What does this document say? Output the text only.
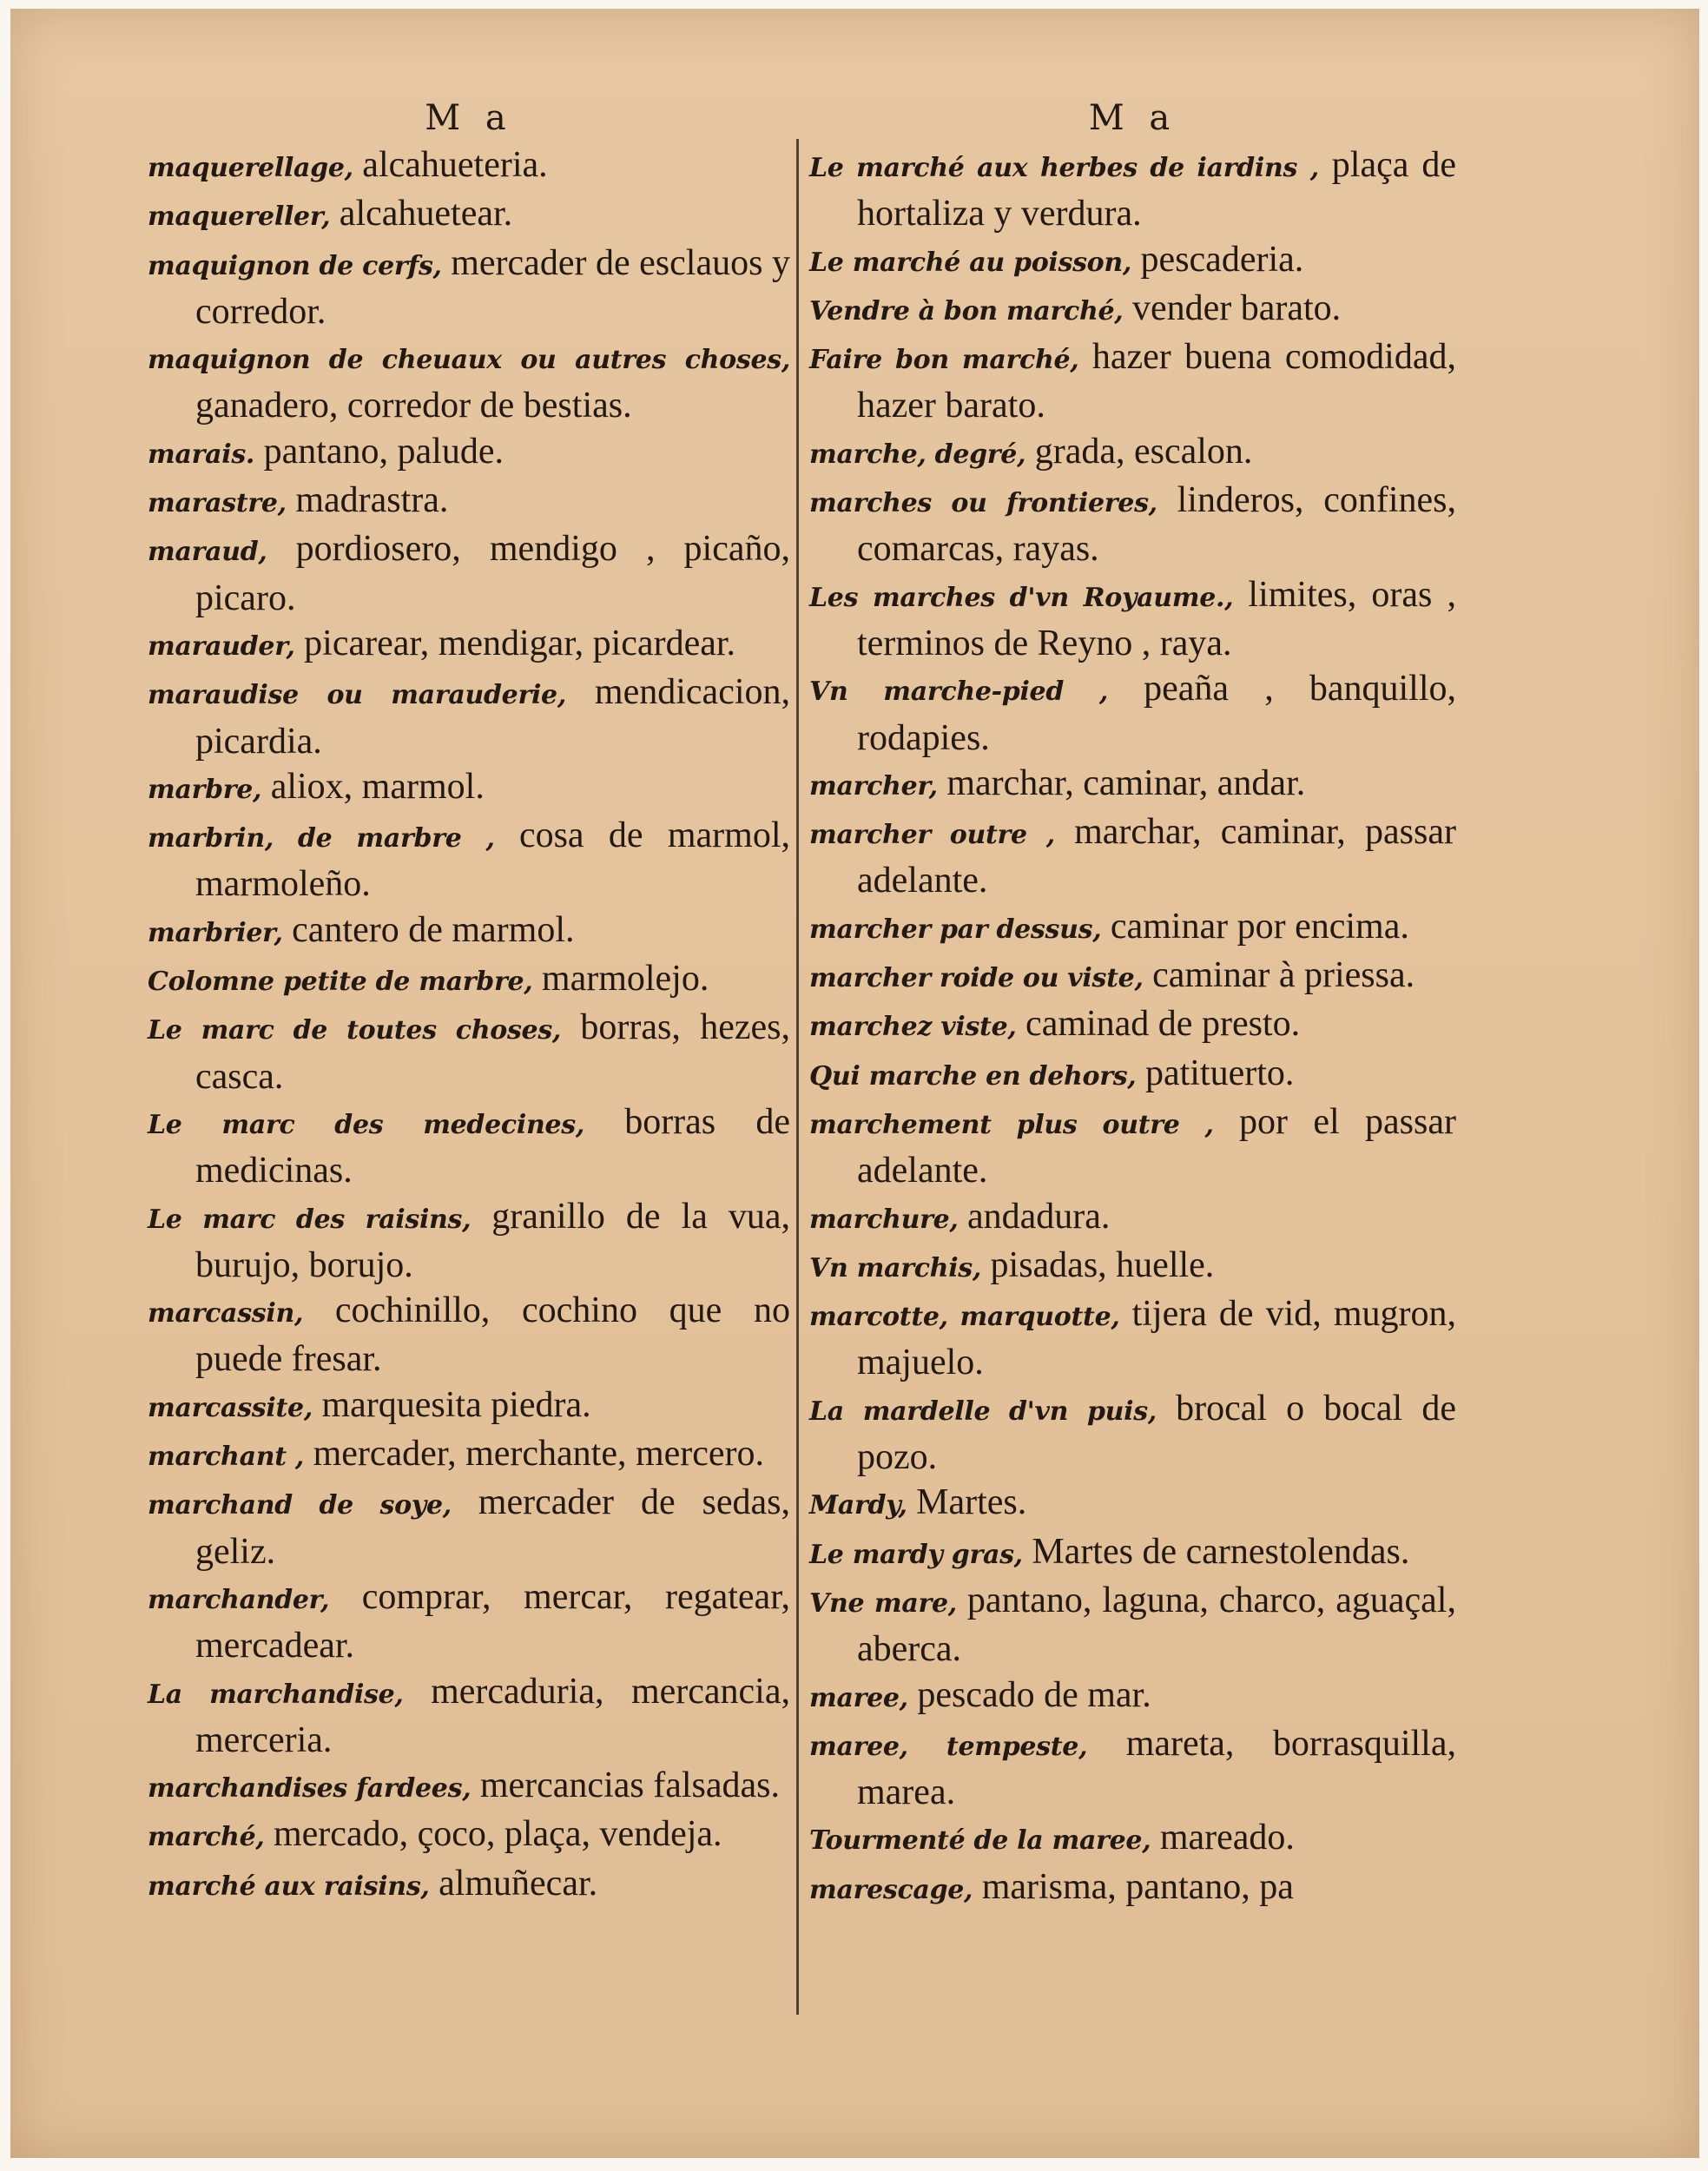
M a
maquerellage, alcahueteria.
maquereller, alcahuetear.
maquignon de cerfs, mercader de esclauos y corredor.
maquignon de cheuaux ou autres choses, ganadero, corredor de bestias.
marais. pantano, palude.
marastre, madrastra.
maraud, pordiosero, mendigo , picaño, picaro.
marauder, picarear, mendigar, picardear.
maraudise ou marauderie, mendicacion, picardia.
marbre, aliox, marmol.
marbrin, de marbre , cosa de marmol, marmoleño.
marbrier, cantero de marmol.
Colomne petite de marbre, marmolejo.
Le marc de toutes choses, borras, hezes, casca.
Le marc des medecines, borras de medicinas.
Le marc des raisins, granillo de la vua, burujo, borujo.
marcassin, cochinillo, cochino que no puede fresar.
marcassite, marquesita piedra.
marchant , mercader, merchante, mercero.
marchand de soye, mercader de sedas, geliz.
marchander, comprar, mercar, regatear, mercadear.
La marchandise, mercaduria, mercancia, merceria.
marchandises fardees, mercancias falsadas.
marché, mercado, çoco, plaça, vendeja.
marché aux raisins, almuñecar.
M a
Le marché aux herbes de iardins , plaça de hortaliza y verdura.
Le marché au poisson, pescaderia.
Vendre à bon marché, vender barato.
Faire bon marché, hazer buena comodidad, hazer barato.
marche, degré, grada, escalon.
marches ou frontieres, linderos, confines, comarcas, rayas.
Les marches d'vn Royaume., limites, oras , terminos de Reyno , raya.
Vn marche-pied , peaña , banquillo, rodapies.
marcher, marchar, caminar, andar.
marcher outre , marchar, caminar, passar adelante.
marcher par dessus, caminar por encima.
marcher roide ou viste, caminar à priessa.
marchez viste, caminad de presto.
Qui marche en dehors, patituerto.
marchement plus outre , por el passar adelante.
marchure, andadura.
Vn marchis, pisadas, huelle.
marcotte, marquotte, tijera de vid, mugron, majuelo.
La mardelle d'vn puis, brocal o bocal de pozo.
Mardy, Martes.
Le mardy gras, Martes de carnestolendas.
Vne mare, pantano, laguna, charco, aguaçal, aberca.
maree, pescado de mar.
maree, tempeste, mareta, borrasquilla, marea.
Tourmenté de la maree, mareado.
marescage, marisma, pantano, pa
